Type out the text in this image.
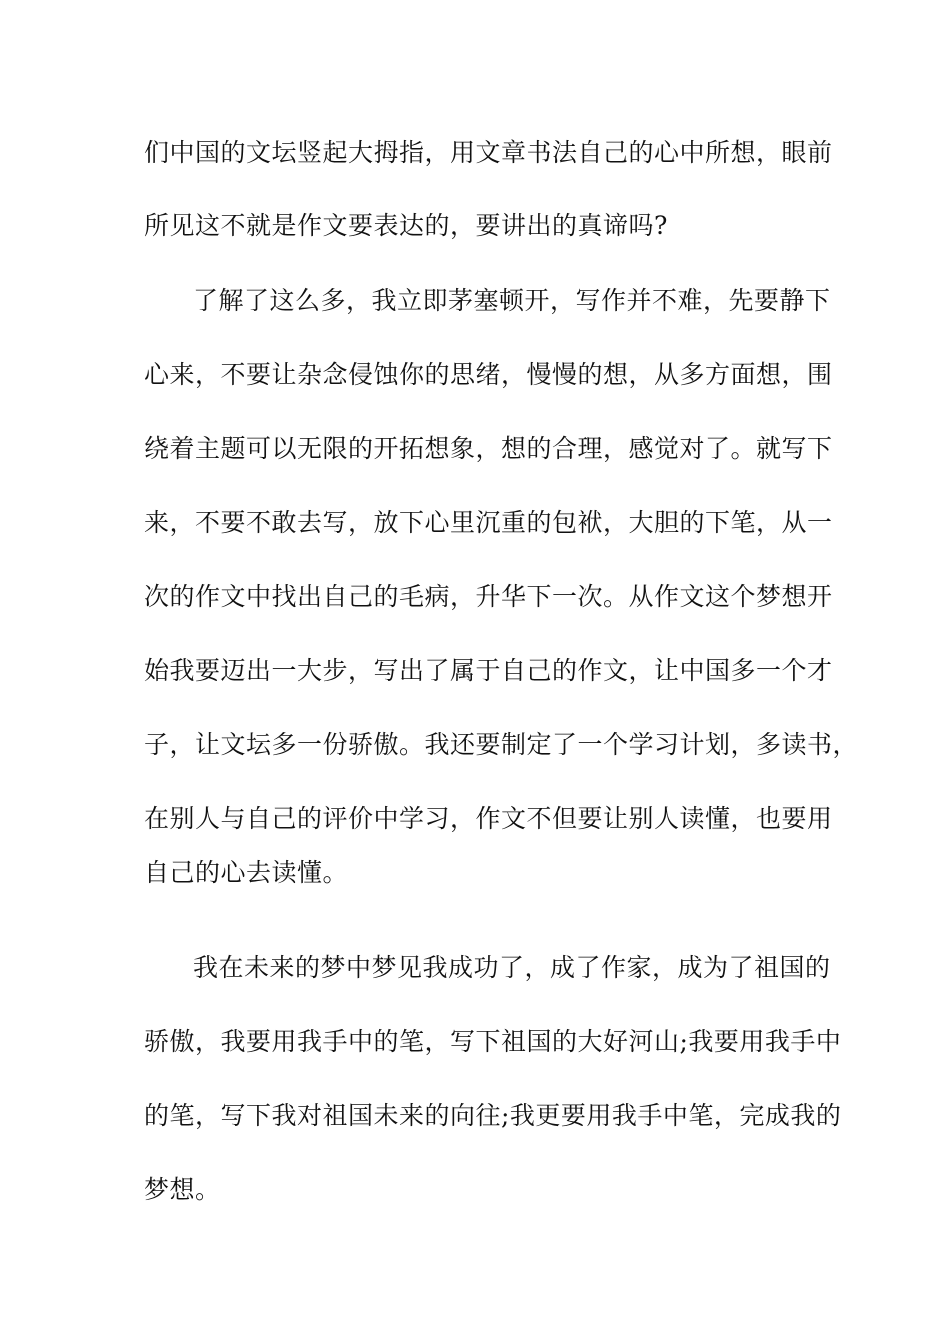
们中国的文坛竖起大拇指，用文章书法自己的心中所想，眼前

所见这不就是作文要表达的，要讲出的真谛吗?

了解了这么多，我立即茅塞顿开，写作并不难，先要静下

心来，不要让杂念侵蚀你的思绪，慢慢的想，从多方面想，围

绕着主题可以无限的开拓想象，想的合理，感觉对了。就写下

来，不要不敢去写，放下心里沉重的包袱，大胆的下笔，从一

次的作文中找出自己的毛病，升华下一次。从作文这个梦想开

始我要迈出一大步，写出了属于自己的作文，让中国多一个才

子，让文坛多一份骄傲。我还要制定了一个学习计划，多读书，

在别人与自己的评价中学习，作文不但要让别人读懂，也要用

自己的心去读懂。

我在未来的梦中梦见我成功了，成了作家，成为了祖国的

骄傲，我要用我手中的笔，写下祖国的大好河山;我要用我手中

的笔，写下我对祖国未来的向往;我更要用我手中笔，完成我的

梦想。
